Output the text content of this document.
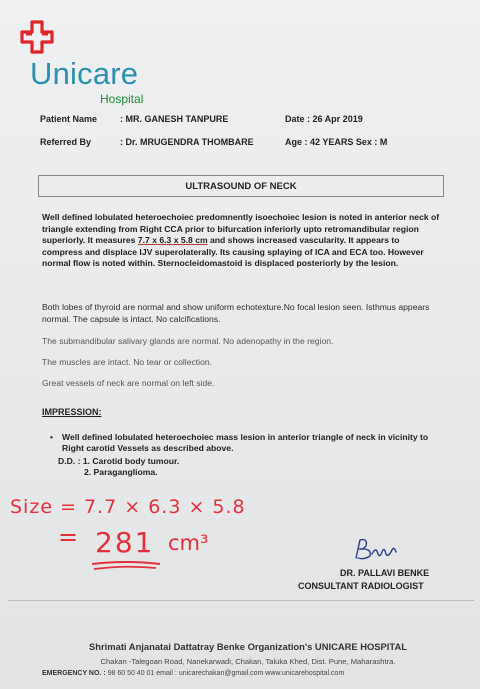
Unicare
Hospital
Patient Name	: MR. GANESH TANPURE	Date : 26 Apr 2019
Referred By	: Dr. MRUGENDRA THOMBARE	Age : 42 YEARS Sex : M
ULTRASOUND OF NECK
Well defined lobulated heteroechoiec predomnently isoechoiec lesion is noted in anterior neck of triangle extending from Right CCA prior to bifurcation inferiorly upto retromandibular region superiorly. It measures 7.7 x 6.3 x 5.8 cm and shows increased vascularity. It appears to compress and displace IJV superolaterally. Its causing splaying of ICA and ECA too. However normal flow is noted within. Sternocleidomastoid is displaced posteriorly by the lesion.
Both lobes of thyroid are normal and show uniform echotexture.No focal lesion seen. Isthmus appears normal. The capsule is intact. No calcifications.
The submandibular salivary glands are normal. No adenopathy in the region.
The muscles are intact. No tear or collection.
Great vessels of neck are normal on left side.
IMPRESSION:
• Well defined lobulated heteroechoiec mass lesion in anterior triangle of neck in vicinity to Right carotid Vessels as described above.
D.D. : 1. Carotid body tumour.
2. Paraganglioma.
Size = 7.7 × 6.3 × 5.8
= 281 cm³
DR. PALLAVI BENKE
CONSULTANT RADIOLOGIST
Shrimati Anjanatai Dattatray Benke Organization's UNICARE HOSPITAL
Chakan -Talegoan Road, Nanekarwadi, Chakan, Taluka Khed, Dist. Pune, Maharashtra.
EMERGENCY NO. : 98 60 50 40 01 email : unicarechakan@gmail.com www.unicarehospital.com
